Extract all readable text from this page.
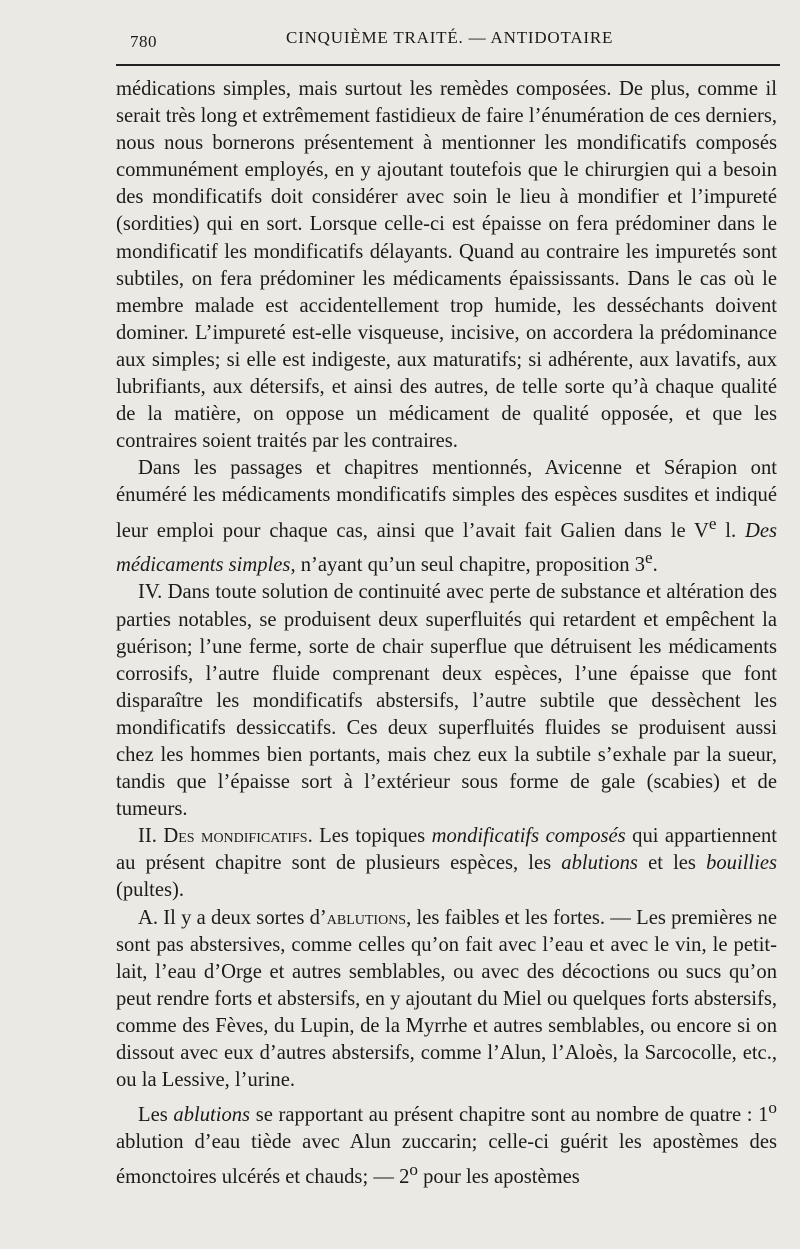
780	CINQUIÈME TRAITÉ. — ANTIDOTAIRE

médications simples, mais surtout les remèdes composées. De plus, comme il serait très long et extrêmement fastidieux de faire l’énumération de ces derniers, nous nous bornerons présentement à mentionner les mondificatifs composés communément employés, en y ajoutant toutefois que le chirurgien qui a besoin des mondificatifs doit considérer avec soin le lieu à mondifier et l’impureté (sordities) qui en sort. Lorsque celle-ci est épaisse on fera prédominer dans le mondificatif les mondificatifs délayants. Quand au contraire les impuretés sont subtiles, on fera prédominer les médicaments épaississants. Dans le cas où le membre malade est accidentellement trop humide, les desséchants doivent dominer. L’impureté est-elle visqueuse, incisive, on accordera la prédominance aux simples; si elle est indigeste, aux maturatifs; si adhérente, aux lavatifs, aux lubrifiants, aux détersifs, et ainsi des autres, de telle sorte qu’à chaque qualité de la matière, on oppose un médicament de qualité opposée, et que les contraires soient traités par les contraires.

Dans les passages et chapitres mentionnés, Avicenne et Sérapion ont énuméré les médicaments mondificatifs simples des espèces susdites et indiqué leur emploi pour chaque cas, ainsi que l’avait fait Galien dans le Ve l. Des médicaments simples, n’ayant qu’un seul chapitre, proposition 3e.

IV. Dans toute solution de continuité avec perte de substance et altération des parties notables, se produisent deux superfluités qui retardent et empêchent la guérison; l’une ferme, sorte de chair superflue que détruisent les médicaments corrosifs, l’autre fluide comprenant deux espèces, l’une épaisse que font disparaître les mondificatifs abstersifs, l’autre subtile que dessèchent les mondificatifs dessiccatifs. Ces deux superfluités fluides se produisent aussi chez les hommes bien portants, mais chez eux la subtile s’exhale par la sueur, tandis que l’épaisse sort à l’extérieur sous forme de gale (scabies) et de tumeurs.

II. Des mondificatifs. Les topiques mondificatifs composés qui appartiennent au présent chapitre sont de plusieurs espèces, les ablutions et les bouillies (pultes).

A. Il y a deux sortes d’ablutions, les faibles et les fortes. — Les premières ne sont pas abstersives, comme celles qu’on fait avec l’eau et avec le vin, le petit-lait, l’eau d’Orge et autres semblables, ou avec des décoctions ou sucs qu’on peut rendre forts et abstersifs, en y ajoutant du Miel ou quelques forts abstersifs, comme des Fèves, du Lupin, de la Myrrhe et autres semblables, ou encore si on dissout avec eux d’autres abstersifs, comme l’Alun, l’Aloès, la Sarcocolle, etc., ou la Lessive, l’urine.

Les ablutions se rapportant au présent chapitre sont au nombre de quatre : 1$^o$ ablution d’eau tiède avec Alun zuccarin; celle-ci guérit les apostèmes des émonctoires ulcérés et chauds; — 2$^o$ pour les apostèmes
